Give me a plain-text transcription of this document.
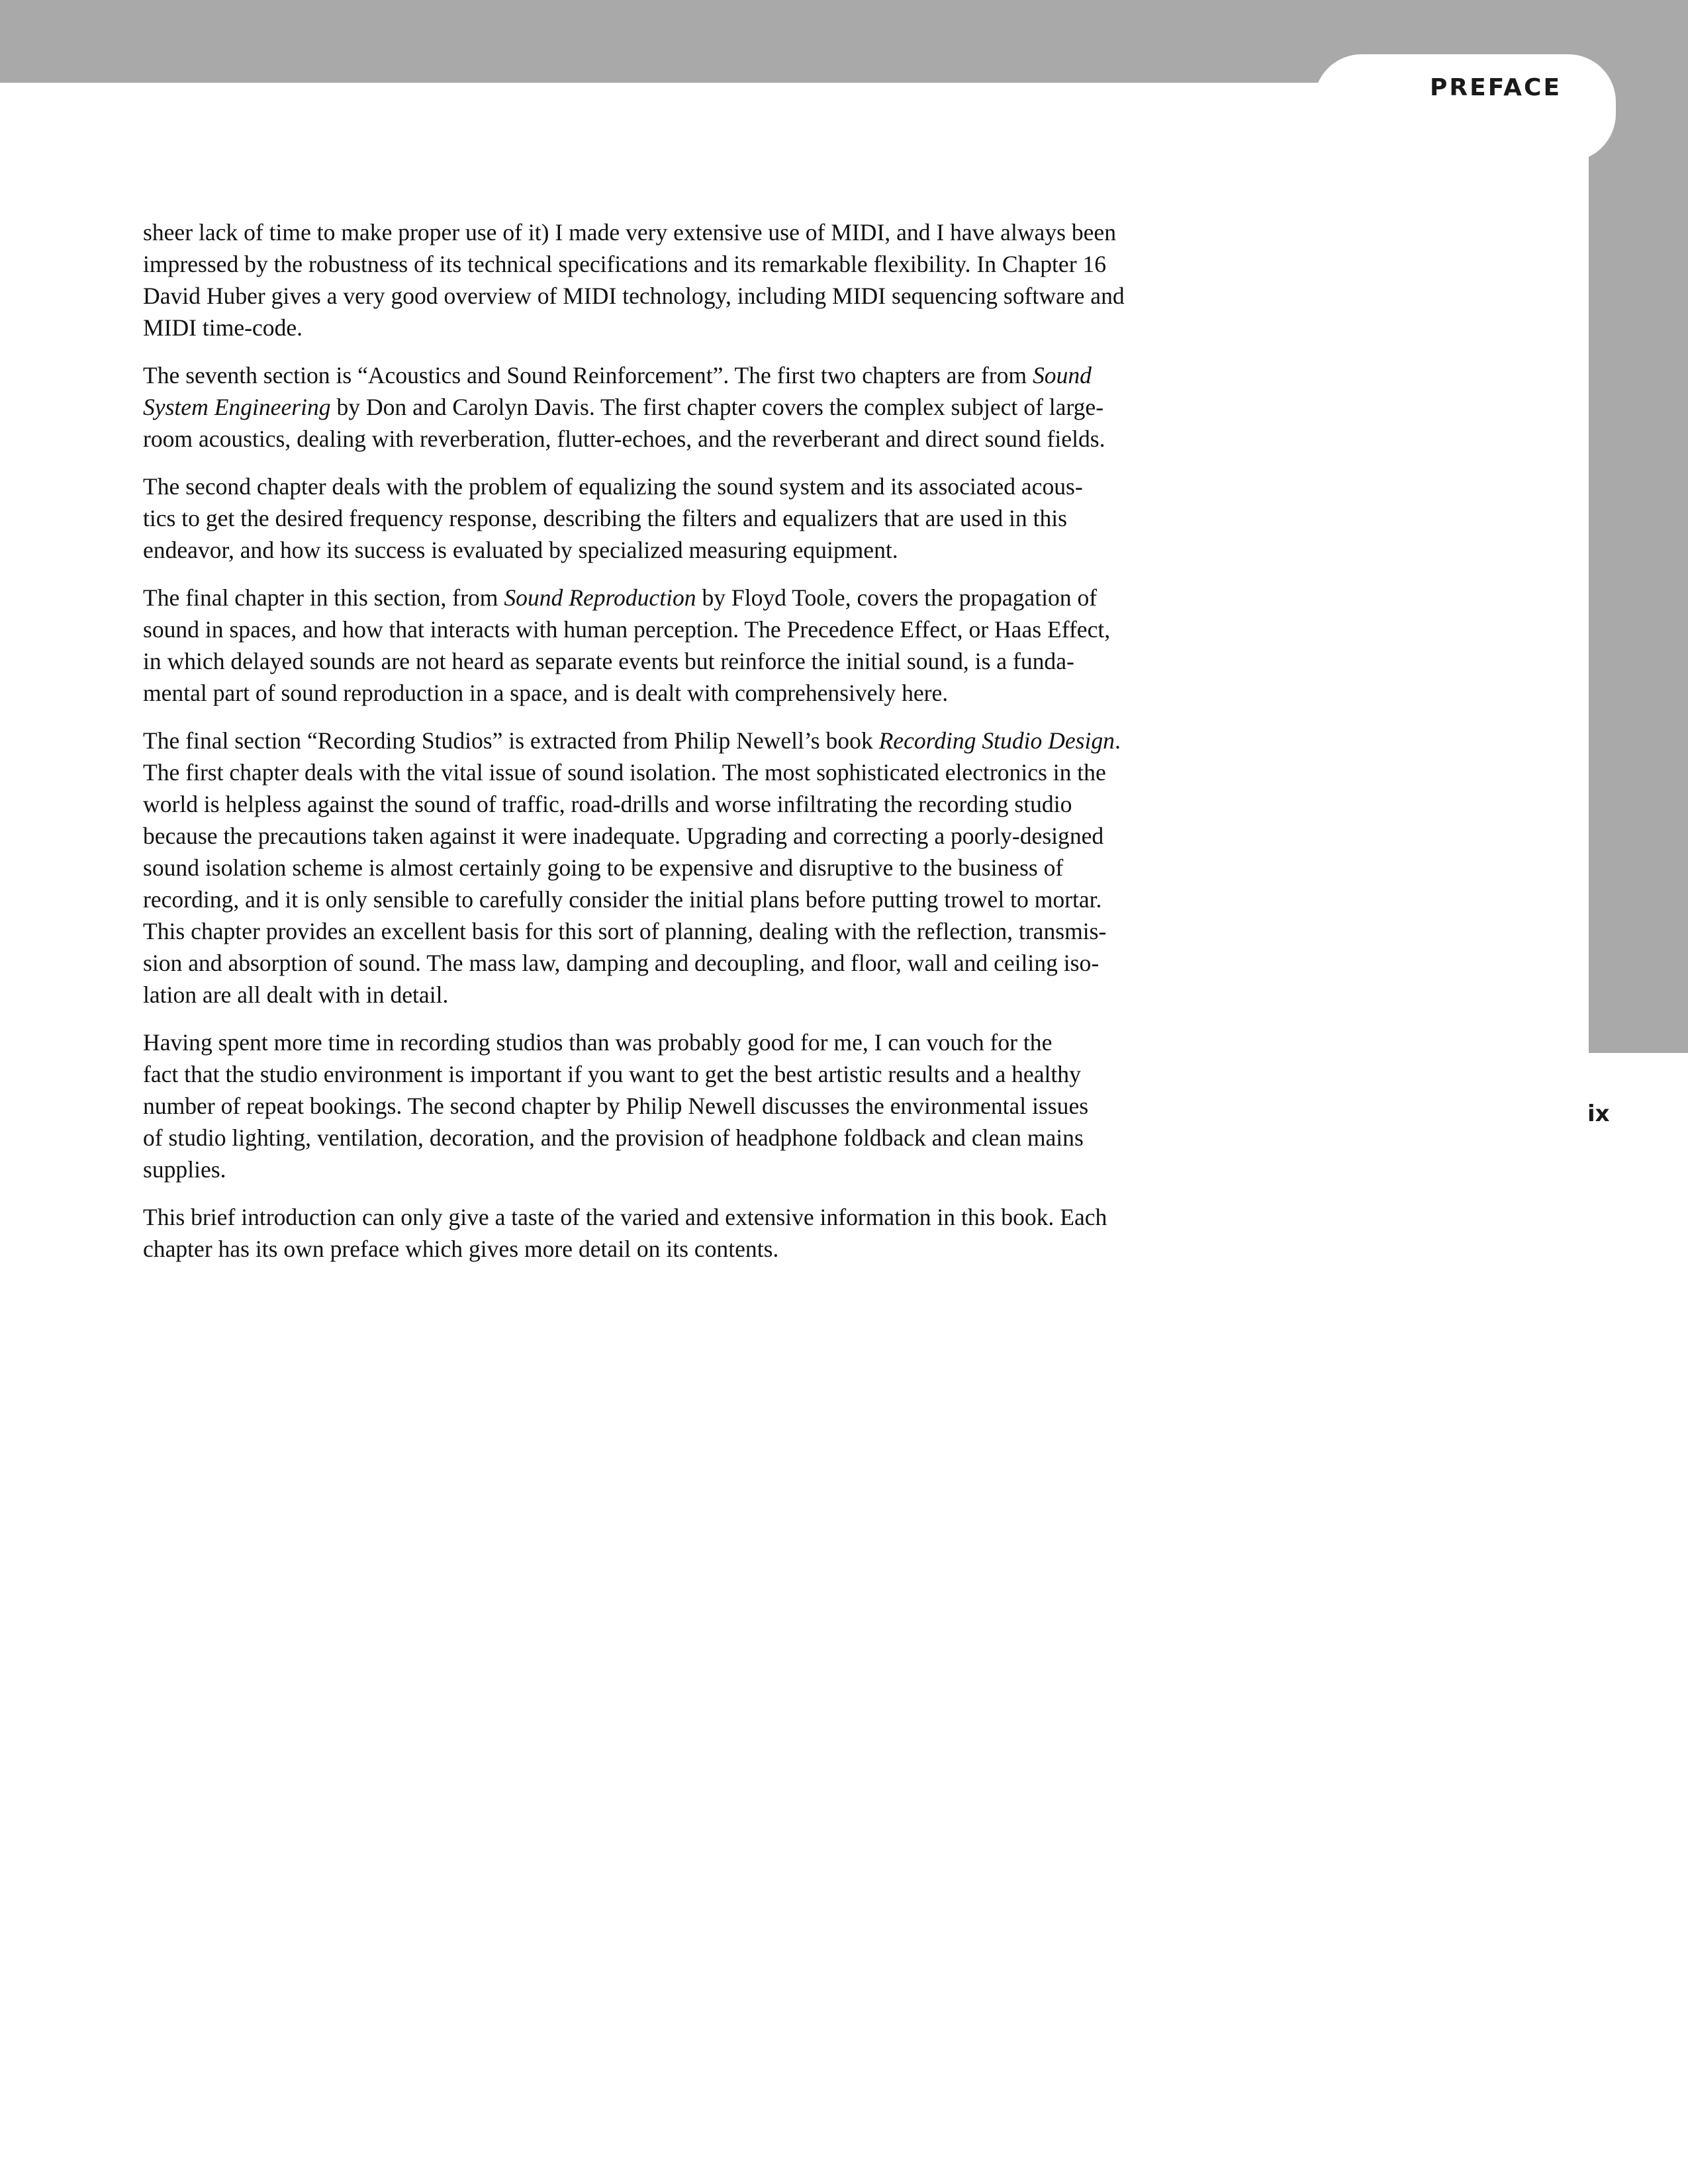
PREFACE

sheer lack of time to make proper use of it) I made very extensive use of MIDI, and I have always been
impressed by the robustness of its technical specifications and its remarkable flexibility. In Chapter 16
David Huber gives a very good overview of MIDI technology, including MIDI sequencing software and
MIDI time-code.

The seventh section is “Acoustics and Sound Reinforcement”. The first two chapters are from Sound
System Engineering by Don and Carolyn Davis. The first chapter covers the complex subject of large-
room acoustics, dealing with reverberation, flutter-echoes, and the reverberant and direct sound fields.

The second chapter deals with the problem of equalizing the sound system and its associated acous-
tics to get the desired frequency response, describing the filters and equalizers that are used in this
endeavor, and how its success is evaluated by specialized measuring equipment.

The final chapter in this section, from Sound Reproduction by Floyd Toole, covers the propagation of
sound in spaces, and how that interacts with human perception. The Precedence Effect, or Haas Effect,
in which delayed sounds are not heard as separate events but reinforce the initial sound, is a funda-
mental part of sound reproduction in a space, and is dealt with comprehensively here.

The final section “Recording Studios” is extracted from Philip Newell’s book Recording Studio Design.
The first chapter deals with the vital issue of sound isolation. The most sophisticated electronics in the
world is helpless against the sound of traffic, road-drills and worse infiltrating the recording studio
because the precautions taken against it were inadequate. Upgrading and correcting a poorly-designed
sound isolation scheme is almost certainly going to be expensive and disruptive to the business of
recording, and it is only sensible to carefully consider the initial plans before putting trowel to mortar.
This chapter provides an excellent basis for this sort of planning, dealing with the reflection, transmis-
sion and absorption of sound. The mass law, damping and decoupling, and floor, wall and ceiling iso-
lation are all dealt with in detail.

Having spent more time in recording studios than was probably good for me, I can vouch for the
fact that the studio environment is important if you want to get the best artistic results and a healthy
number of repeat bookings. The second chapter by Philip Newell discusses the environmental issues
of studio lighting, ventilation, decoration, and the provision of headphone foldback and clean mains
supplies.

This brief introduction can only give a taste of the varied and extensive information in this book. Each
chapter has its own preface which gives more detail on its contents.

ix
